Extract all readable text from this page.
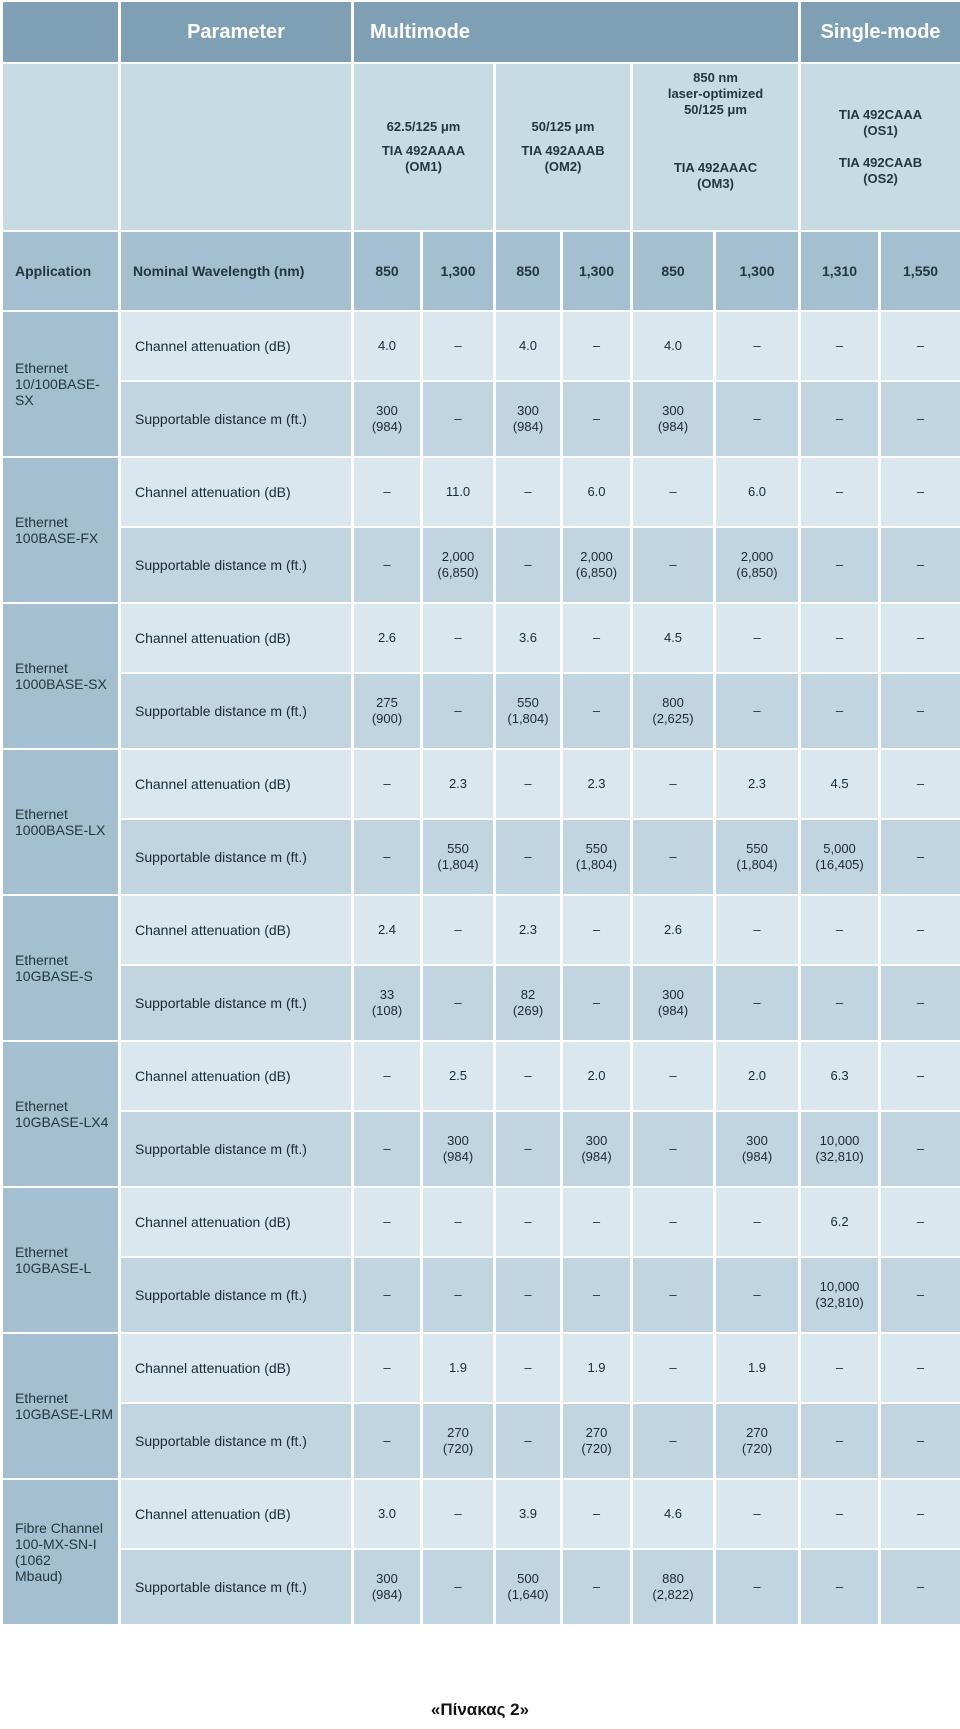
	Parameter	Multimode						Single-mode	

		62.5/125 μm
TIA 492AAAA
(OM1)		50/125 μm
TIA 492AAAB
(OM2)		850 nm
laser-optimized
50/125 μm
TIA 492AAAC
(OM3)		TIA 492CAAA
(OS1)

TIA 492CAAB
(OS2)	

Application	Nominal Wavelength (nm)	850	1,300	850	1,300	850	1,300	1,310	1,550
Ethernet
10/100BASE-
SX	Channel attenuation (dB)	4.0	–	4.0	–	4.0	–	–	–
	Supportable distance m (ft.)	300
(984)	–	300
(984)	–	300
(984)	–	–	–
Ethernet
100BASE-FX	Channel attenuation (dB)	–	11.0	–	6.0	–	6.0	–	–
	Supportable distance m (ft.)	–	2,000
(6,850)	–	2,000
(6,850)	–	2,000
(6,850)	–	–
Ethernet
1000BASE-SX	Channel attenuation (dB)	2.6	–	3.6	–	4.5	–	–	–
	Supportable distance m (ft.)	275
(900)	–	550
(1,804)	–	800
(2,625)	–	–	–
Ethernet
1000BASE-LX	Channel attenuation (dB)	–	2.3	–	2.3	–	2.3	4.5	–
	Supportable distance m (ft.)	–	550
(1,804)	–	550
(1,804)	–	550
(1,804)	5,000
(16,405)	–
Ethernet
10GBASE-S	Channel attenuation (dB)	2.4	–	2.3	–	2.6	–	–	–
	Supportable distance m (ft.)	33
(108)	–	82
(269)	–	300
(984)	–	–	–
Ethernet
10GBASE-LX4	Channel attenuation (dB)	–	2.5	–	2.0	–	2.0	6.3	–
	Supportable distance m (ft.)	–	300
(984)	–	300
(984)	–	300
(984)	10,000
(32,810)	–
Ethernet
10GBASE-L	Channel attenuation (dB)	–	–	–	–	–	–	6.2	–
	Supportable distance m (ft.)	–	–	–	–	–	–	10,000
(32,810)	–
Ethernet
10GBASE-LRM	Channel attenuation (dB)	–	1.9	–	1.9	–	1.9	–	–
	Supportable distance m (ft.)	–	270
(720)	–	270
(720)	–	270
(720)	–	–
Fibre Channel
100-MX-SN-I
(1062
Mbaud)	Channel attenuation (dB)	3.0	–	3.9	–	4.6	–	–	–
	Supportable distance m (ft.)	300
(984)	–	500
(1,640)	–	880
(2,822)	–	–	–
«Πίνακας 2»
